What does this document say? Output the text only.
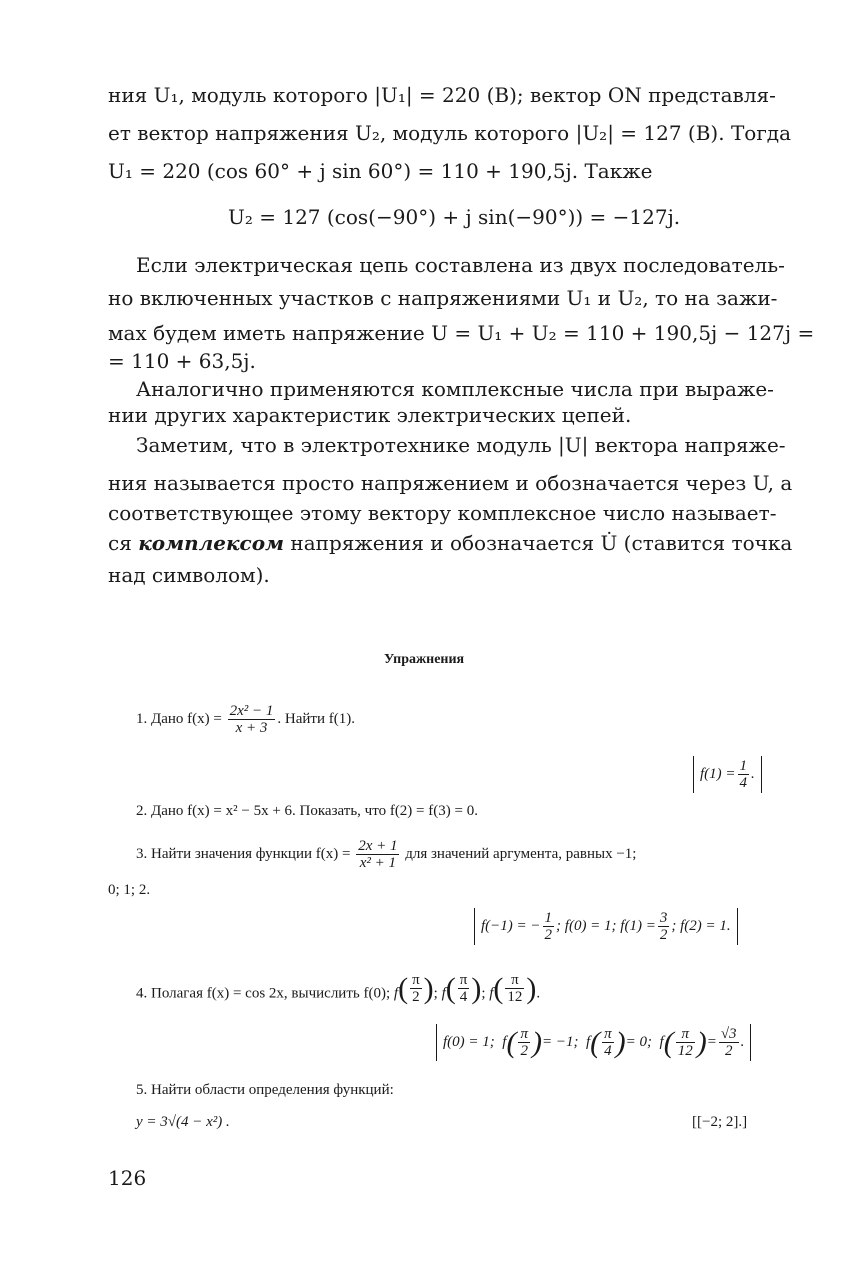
ния U₁, модуль которого |U₁| = 220 (В); вектор ON представля-
ет вектор напряжения U₂, модуль которого |U₂| = 127 (В). Тогда
U₁ = 220 (cos 60° + j sin 60°) = 110 + 190,5j. Также
U₂ = 127 (cos(−90°) + j sin(−90°)) = −127j.
Если электрическая цепь составлена из двух последователь-
но включенных участков с напряжениями U₁ и U₂, то на зажи-
мах будем иметь напряжение U = U₁ + U₂ = 110 + 190,5j − 127j =
= 110 + 63,5j.
Аналогично применяются комплексные числа при выраже-
нии других характеристик электрических цепей.
Заметим, что в электротехнике модуль |U| вектора напряже-
ния называется просто напряжением и обозначается через U, а
соответствующее этому вектору комплексное число называет-
ся комплексом напряжения и обозначается U̇ (ставится точка
над символом).
Упражнения
1. Дано $f(x) = \frac{\text{2x² − 1}}{x + 3}$ . Найти f(1).
$f(1) = \frac{1}{4}$ .
2. Дано f(x) = x² − 5x + 6. Показать, что f(2) = f(3) = 0.
3. Найти значения функции $f(x) = \frac{2x + 1}{\text{x² + 1}}$ для значений аргумента, равных −1;
0; 1; 2.
f(−1) = − $\frac{1}{2}$ ; f(0) = 1; $f(1) = \frac{3}{2}$ ; f(2) = 1.
4. Полагая f(x) = cos 2x, вычислить f(0); f ( $\frac{\pi}{2}$
) ; f ( $\frac{\pi}{4}$
) ; f ( $\frac{\pi}{12}$
) .
f(0) = 1;
f ( $\frac{\pi}{2}$
) = −1;
f ( $\frac{\pi}{4}$
) = 0;
f ( $\frac{\pi}{12}$
) = $\frac{√3}{2}$ .
5. Найти области определения функций:
y = 3√(4 − x²) .	[[−2; 2].]
126
